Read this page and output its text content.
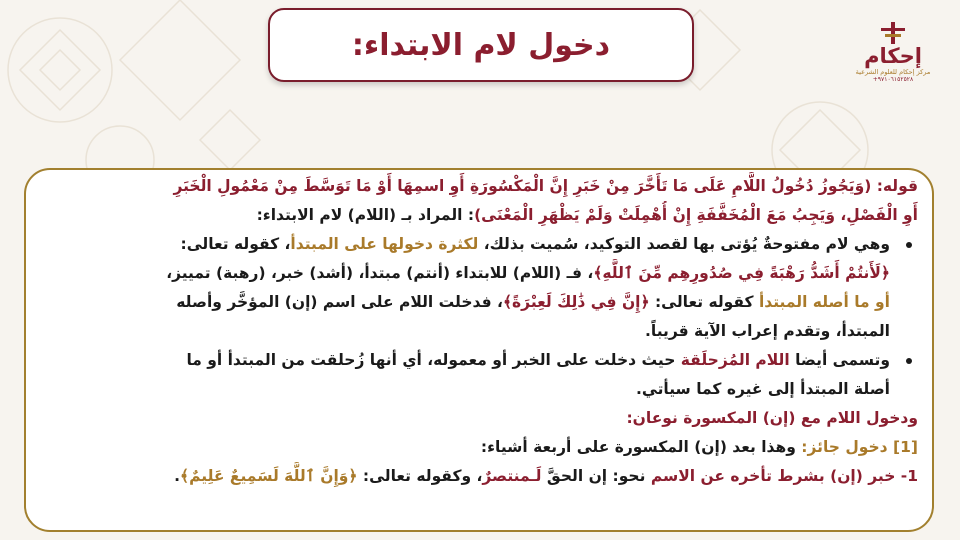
دخول لام الابتداء:	إحكام
مركز إحكام للعلوم الشرعية
+٩٧١٠٦١٥٢٥٢٨
قوله: (وَيَجُوزُ دُخُولُ اللَّامِ عَلَى مَا تَأَخَّرَ مِنْ خَبَرِ إِنَّ الْمَكْسُورَةِ أَوِ اسمِهَا أَوْ مَا تَوَسَّطَ مِنْ مَعْمُولِ الْخَبَرِ
أَوِ الْفَصْلِ، وَيَجِبُ مَعَ الْمُخَفَّفَةِ إِنْ أُهْمِلَتْ وَلَمْ يَظْهَرِ الْمَعْنَى): المراد بـ (اللام) لام الابتداء:
وهي لام مفتوحةٌ يُؤتى بها لقصد التوكيد، سُميت بذلك، لكثرة دخولها على المبتدأ، كقوله تعالى:
﴿لَأَنتُمْ أَشَدُّ رَهْبَةً فِي صُدُورِهِم مِّنَ ٱللَّهِ﴾، فـ (اللام) للابتداء (أنتم) مبتدأ، (أشد) خبر، (رهبة) تمييز،
أو ما أصله المبتدأ كقوله تعالى: ﴿إِنَّ فِي ذَٰلِكَ لَعِبْرَةً﴾، فدخلت اللام على اسم (إن) المؤخَّر وأصله
المبتدأ، وتقدم إعراب الآية قريباً.
وتسمى أيضا اللام المُزحلَقة حيث دخلت على الخبر أو معموله، أي أنها زُحلقت من المبتدأ أو ما
أصلة المبتدأ إلى غيره كما سيأتي.
ودخول اللام مع (إن) المكسورة نوعان:
[1] دخول جائز: وهذا بعد (إن) المكسورة على أربعة أشياء:
1- خبر (إن) بشرط تأخره عن الاسم نحو: إن الحقَّ لَـمنتصرٌ، وكقوله تعالى: ﴿وَإِنَّ ٱللَّهَ لَسَمِيعٌ عَلِيمٌ﴾.
